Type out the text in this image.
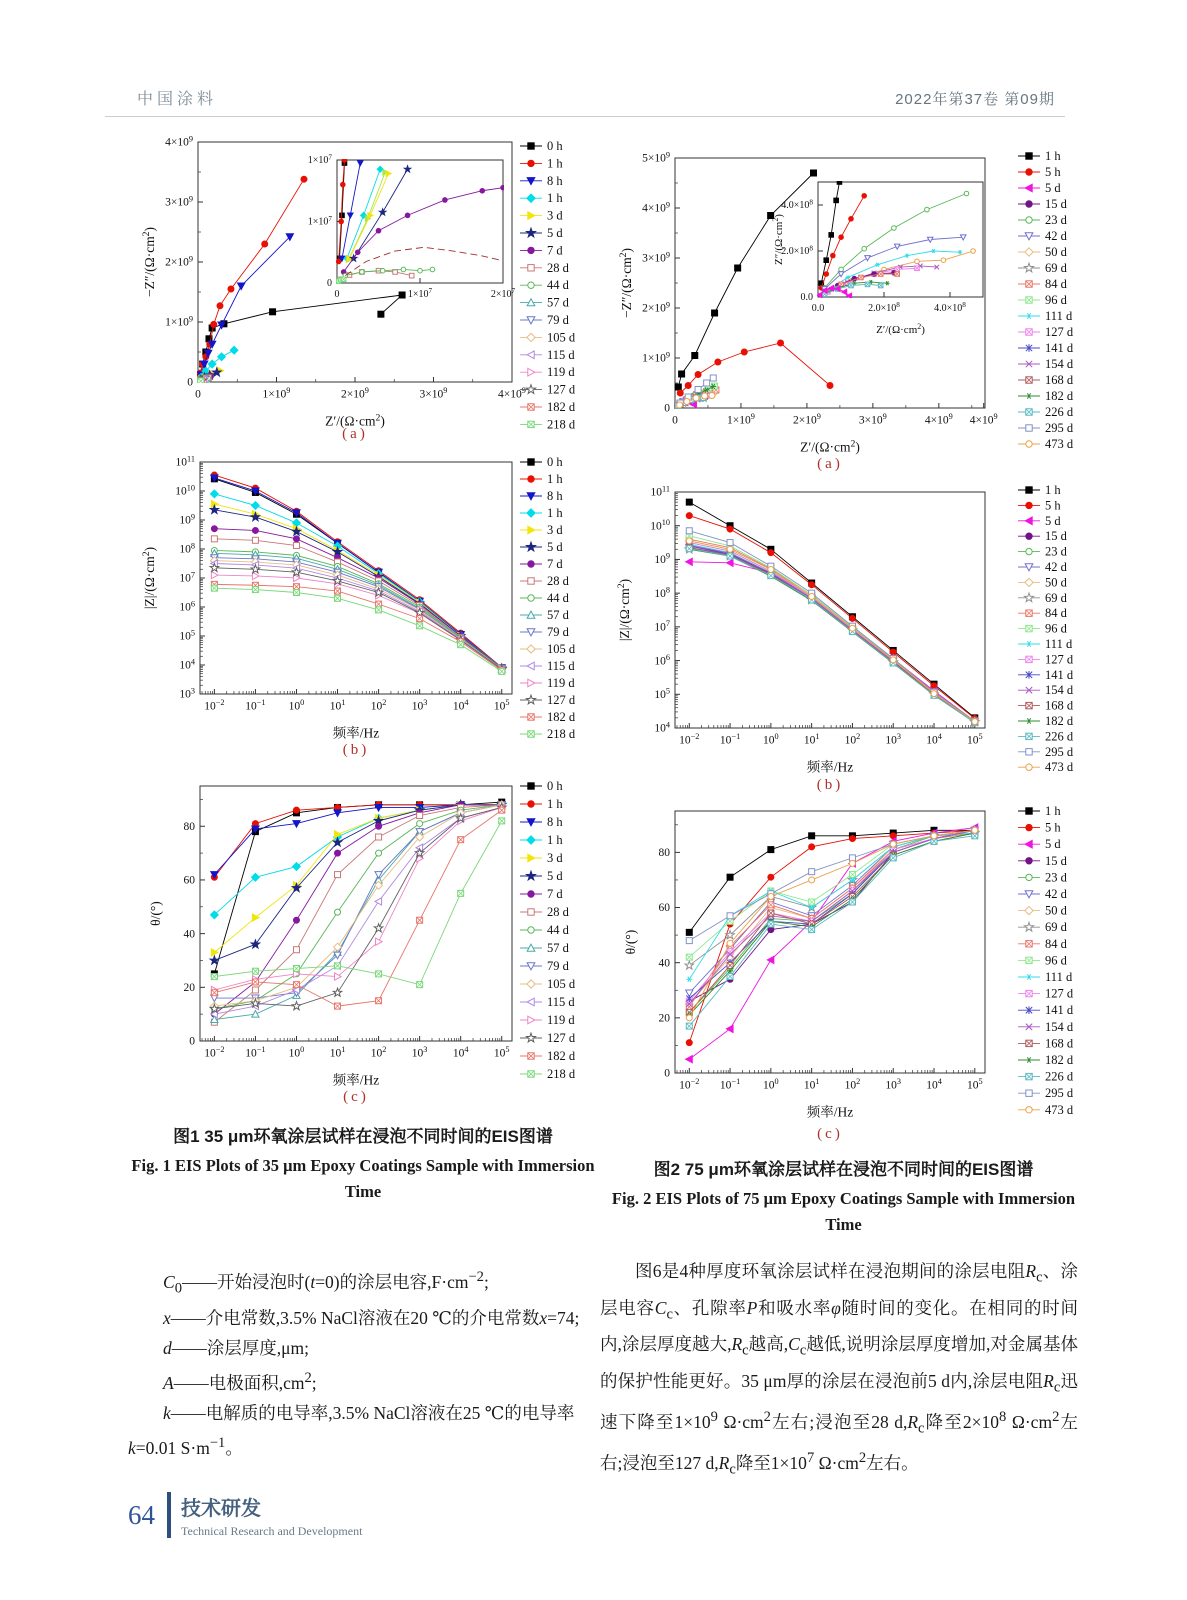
中国涂料	2022年第37卷 第09期
0	$1\times 10^9$	$2\times 10^9$	$3\times 10^9$	$4\times 10^9$
0
$1\times 10^9$
$2\times 10^9$
$3\times 10^9$
$4\times 10^9$
$Z'/(\Omega\cdot cm^2)$
$-Z''/(\Omega\cdot cm^2)$
0	$1\times 10^7$	$2\times 10^7$
0
$1\times 10^7$
$1\times 10^7$
0 h
1 h
8 h
1 h
3 d
5 d
7 d
28 d
44 d
57 d
79 d
105 d
115 d
119 d
127 d
182 d
218 d
(a)
$10^{-2}$ $10^{-1}$ $10^0$ $10^1$ $10^2$ $10^3$ $10^4$ $10^5$
$10^3$
$10^4$
$10^5$
$10^6$
$10^7$
$10^8$
$10^9$
$10^{10}$
$10^{11}$
频率/Hz
$|Z|/(\Omega\cdot cm^2)$
0 h
1 h
8 h
1 h
3 d
5 d
7 d
28 d
44 d
57 d
79 d
105 d
115 d
119 d
127 d
182 d
218 d
(b)
$10^{-2}$ $10^{-1}$ $10^0$ $10^1$ $10^2$ $10^3$ $10^4$ $10^5$
0
20
40
60
80
频率/Hz
θ/(°)
0 h
1 h
8 h
1 h
3 d
5 d
7 d
28 d
44 d
57 d
79 d
105 d
115 d
119 d
127 d
182 d
218 d
(c)
0	$1\times 10^9$	$2\times 10^9$	$3\times 10^9$	$4\times 10^9$ $4\times 10^9$
0
$1\times 10^9$
$2\times 10^9$
$3\times 10^9$
$4\times 10^9$
$5\times 10^9$
$Z'/(\Omega\cdot cm^2)$
$-Z''/(\Omega\cdot cm^2)$
0.0	$2.0\times 10^8$	$4.0\times 10^8$
0.0
$2.0\times 10^8$
$4.0\times 10^8$
$Z'/(\Omega\cdot cm^2)$
$Z''/(\Omega\cdot cm^2)$
1 h
5 h
5 d
15 d
23 d
42 d
50 d
69 d
84 d
96 d
111 d
127 d
141 d
154 d
168 d
182 d
226 d
295 d
473 d
(a)
$10^{-2}$ $10^{-1}$ $10^0$ $10^1$ $10^2$ $10^3$ $10^4$ $10^5$
$10^4$
$10^5$
$10^6$
$10^7$
$10^8$
$10^9$
$10^{10}$
$10^{11}$
频率/Hz
$|Z|/(\Omega\cdot cm^2)$
1 h
5 h
5 d
15 d
23 d
42 d
50 d
69 d
84 d
96 d
111 d
127 d
141 d
154 d
168 d
182 d
226 d
295 d
473 d
(b)
$10^{-2}$ $10^{-1}$ $10^0$ $10^1$ $10^2$ $10^3$ $10^4$ $10^5$
0
20
40
60
80
频率/Hz
θ/(°)
1 h
5 h
5 d
15 d
23 d
42 d
50 d
69 d
84 d
96 d
111 d
127 d
141 d
154 d
168 d
182 d
226 d
295 d
473 d
(c)
图1 35 μm环氧涂层试样在浸泡不同时间的EIS图谱
Fig. 1 EIS Plots of 35 μm Epoxy Coatings Sample with Immersion Time
图2 75 μm环氧涂层试样在浸泡不同时间的EIS图谱
Fig. 2 EIS Plots of 75 μm Epoxy Coatings Sample with Immersion Time

$C_0——$开始浸泡时(t=0)的涂层电容$,F\cdot cm^{-2}$;

x——介电常数,3.5% NaCl溶液在20 ℃的介电常数x=74;

d——涂层厚度,μm;

A——电极面积$,cm^2$;

k——电解质的电导率,3.5% NaCl溶液在25 ℃的电导率k=0.01 $S\cdot m^{-1}$。

图6是4种厚度环氧涂层试样在浸泡期间的涂层电阻$R_c$、涂层电容$C_c$、孔隙率P和吸水率φ随时间的变化。在相同的时间内,涂层厚度越大$,R_c$越高$,C_c$越低,说明涂层厚度增加,对金属基体的保护性能更好。35 μm厚的涂层在浸泡前5 d内,涂层电阻$R_c$迅速下降至$1\times 10^9$ $\Omega\cdot cm^2$左右;浸泡至28 $d,R_c$降至$2\times 10^8$ $\Omega\cdot cm^2$左右;浸泡至127 $d,R_c$降至$1\times 10^7$ $\Omega\cdot cm^2$左右。

64 技术研发
Technical Research and Development
